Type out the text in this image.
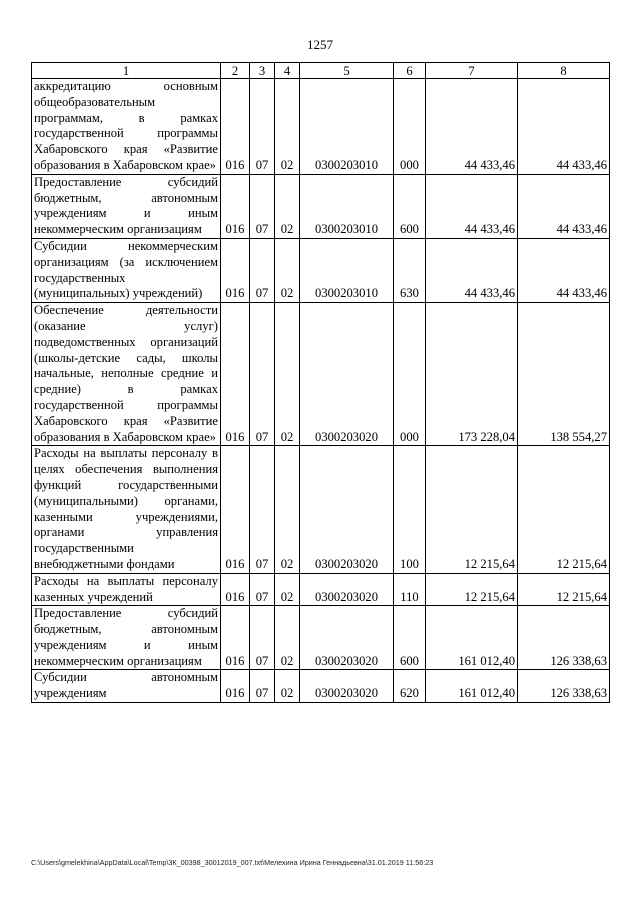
1257
1	2	3	4	5	6	7	8
аккредитацию основным общеобразовательным программам, в рамках государственной программы Хабаровского края «Развитие образования в Хабаровском крае»	016	07	02	0300203010	000	44 433,46	44 433,46
Предоставление субсидий бюджетным, автономным учреждениям и иным некоммерческим организациям	016	07	02	0300203010	600	44 433,46	44 433,46
Субсидии некоммерческим организациям (за исключением государственных (муниципальных) учреждений)	016	07	02	0300203010	630	44 433,46	44 433,46
Обеспечение деятельности (оказание услуг) подведомственных организаций (школы-детские сады, школы начальные, неполные средние и средние) в рамках государственной программы Хабаровского края «Развитие образования в Хабаровском крае»	016	07	02	0300203020	000	173 228,04	138 554,27
Расходы на выплаты персоналу в целях обеспечения выполнения функций государственными (муниципальными) органами, казенными учреждениями, органами управления государственными внебюджетными фондами	016	07	02	0300203020	100	12 215,64	12 215,64
Расходы на выплаты персоналу казенных учреждений	016	07	02	0300203020	110	12 215,64	12 215,64
Предоставление субсидий бюджетным, автономным учреждениям и иным некоммерческим организациям	016	07	02	0300203020	600	161 012,40	126 338,63
Субсидии автономным учреждениям	016	07	02	0300203020	620	161 012,40	126 338,63
C:\Users\gmelekhina\AppData\Local\Temp\3К_00398_30012019_007.txt\Мелехина Ирина Геннадьевна\31.01.2019 11:56:23
